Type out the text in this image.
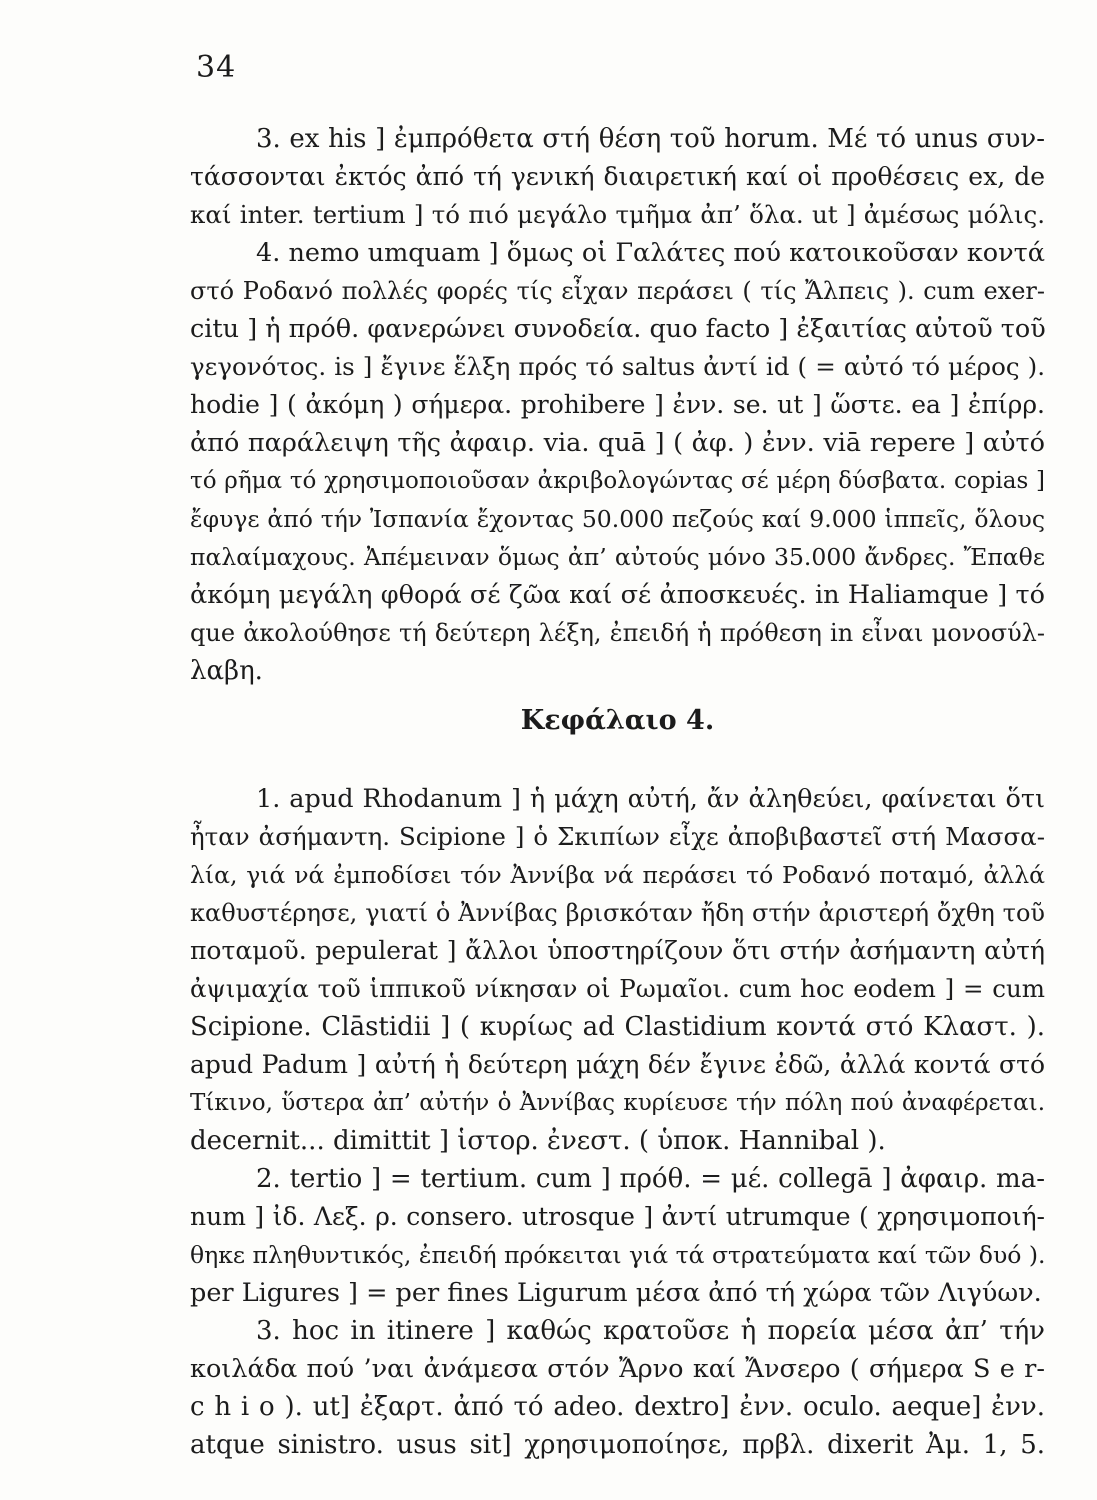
34
3. ex his ] ἐμπρόθετα στή θέση τοῦ horum. Μέ τό unus συν-
τάσσονται ἐκτός ἀπό τή γενική διαιρετική καί οἱ προθέσεις ex, de
καί inter. tertium ] τό πιό μεγάλο τμῆμα ἀπ’ ὅλα. ut ] ἀμέσως μόλις.
4. nemo umquam ] ὅμως οἱ Γαλάτες πού κατοικοῦσαν κοντά
στό Ροδανό πολλές φορές τίς εἶχαν περάσει ( τίς Ἄλπεις ). cum exer-
citu ] ἡ πρόθ. φανερώνει συνοδεία. quo facto ] ἐξαιτίας αὐτοῦ τοῦ
γεγονότος. is ] ἔγινε ἕλξη πρός τό saltus ἀντί id ( = αὐτό τό μέρος ).
hodie ] ( ἀκόμη ) σήμερα. prohibere ] ἐνν. se. ut ] ὥστε. ea ] ἐπίρρ.
ἀπό παράλειψη τῆς ἀφαιρ. via. quā ] ( ἀφ. ) ἐνν. viā repere ] αὐτό
τό ρῆμα τό χρησιμοποιοῦσαν ἀκριβολογώντας σέ μέρη δύσβατα. copias ]
ἔφυγε ἀπό τήν Ἰσπανία ἔχοντας 50.000 πεζούς καί 9.000 ἱππεῖς, ὅλους
παλαίμαχους. Ἀπέμειναν ὅμως ἀπ’ αὐτούς μόνο 35.000 ἄνδρες. Ἔπαθε
ἀκόμη μεγάλη φθορά σέ ζῶα καί σέ ἀποσκευές. in Haliamque ] τό
que ἀκολούθησε τή δεύτερη λέξη, ἐπειδή ἡ πρόθεση in εἶναι μονοσύλ-
λαβη.
Κεφάλαιο 4.
1. apud Rhodanum ] ἡ μάχη αὐτή, ἄν ἀληθεύει, φαίνεται ὅτι
ἦταν ἀσήμαντη. Scipione ] ὁ Σκιπίων εἶχε ἀποβιβαστεῖ στή Μασσα-
λία, γιά νά ἐμποδίσει τόν Ἀννίβα νά περάσει τό Ροδανό ποταμό, ἀλλά
καθυστέρησε, γιατί ὁ Ἀννίβας βρισκόταν ἤδη στήν ἀριστερή ὄχθη τοῦ
ποταμοῦ. pepulerat ] ἄλλοι ὑποστηρίζουν ὅτι στήν ἀσήμαντη αὐτή
ἀψιμαχία τοῦ ἱππικοῦ νίκησαν οἱ Ρωμαῖοι. cum hoc eodem ] = cum
Scipione. Clāstidii ] ( κυρίως ad Clastidium κοντά στό Κλαστ. ).
apud Padum ] αὐτή ἡ δεύτερη μάχη δέν ἔγινε ἐδῶ, ἀλλά κοντά στό
Τίκινο, ὕστερα ἀπ’ αὐτήν ὁ Ἀννίβας κυρίευσε τήν πόλη πού ἀναφέρεται.
decernit... dimittit ] ἱστορ. ἐνεστ. ( ὑποκ. Hannibal ).
2. tertio ] = tertium. cum ] πρόθ. = μέ. collegā ] ἀφαιρ. ma-
num ] ἰδ. Λεξ. ρ. consero. utrosque ] ἀντί utrumque ( χρησιμοποιή-
θηκε πληθυντικός, ἐπειδή πρόκειται γιά τά στρατεύματα καί τῶν δυό ).
per Ligures ] = per fines Ligurum μέσα ἀπό τή χώρα τῶν Λιγύων.
3. hoc in itinere ] καθώς κρατοῦσε ἡ πορεία μέσα ἀπ’ τήν
κοιλάδα πού ’ναι ἀνάμεσα στόν Ἄρνο καί Ἄνσερο ( σήμερα S e r-
c h i o ). ut] ἐξαρτ. ἀπό τό adeo. dextro] ἐνν. oculo. aeque] ἐνν.
atque sinistro. usus sit] χρησιμοποίησε, πρβλ. dixerit Ἀμ. 1, 5.
